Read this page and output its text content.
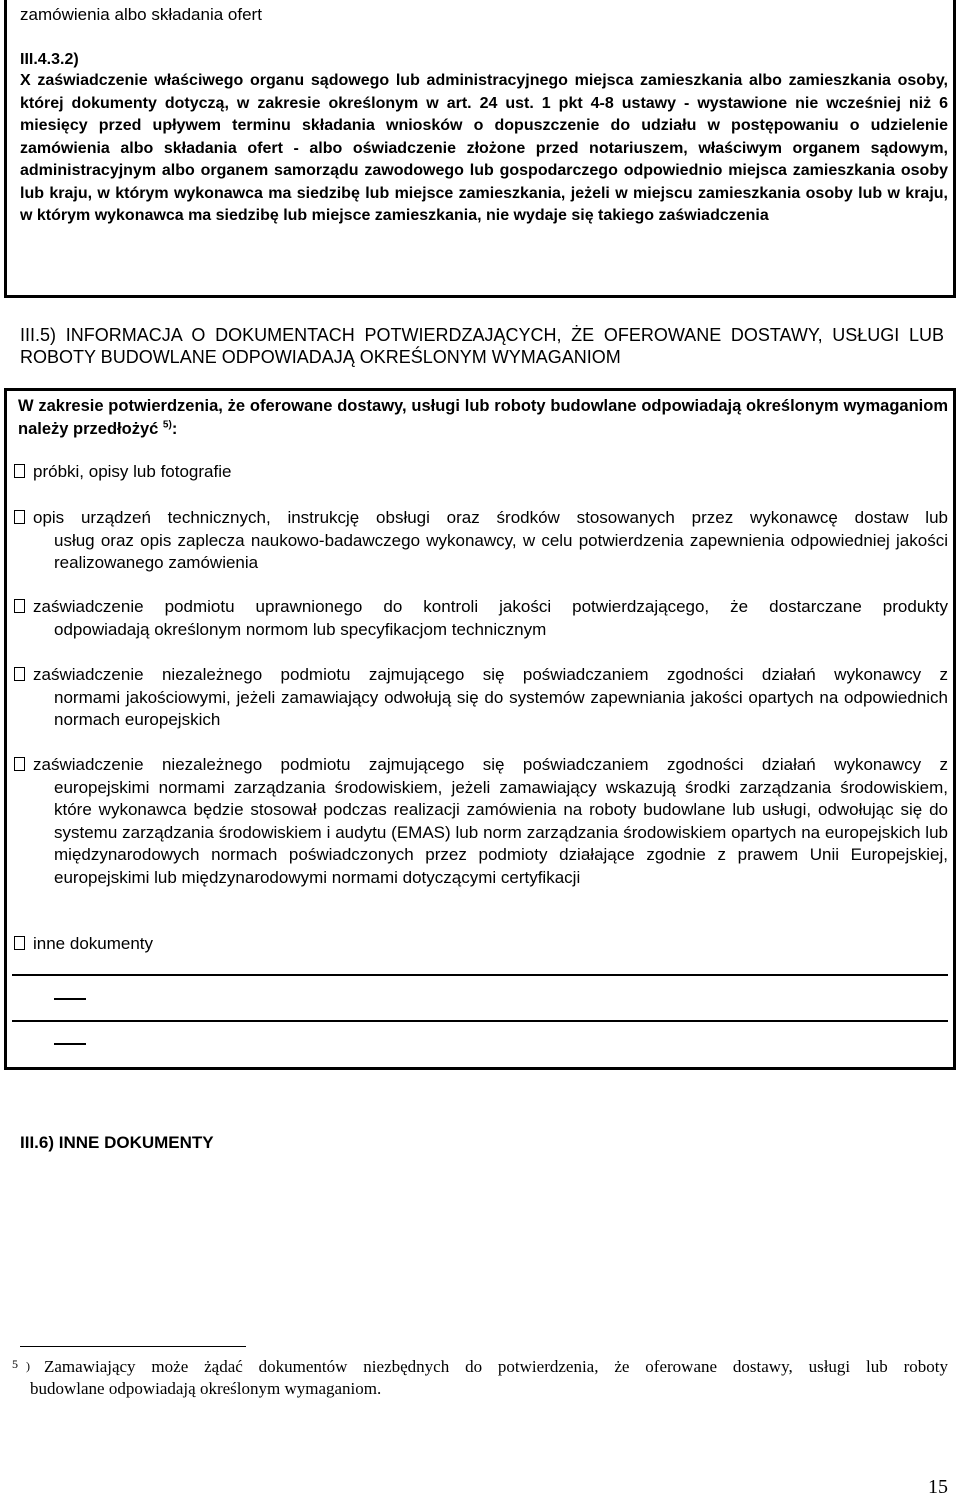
zamówienia albo składania ofert
III.4.3.2)
X zaświadczenie właściwego organu sądowego lub administracyjnego miejsca zamieszkania albo zamieszkania osoby, której dokumenty dotyczą, w zakresie określonym w art. 24 ust. 1 pkt 4-8 ustawy - wystawione nie wcześniej niż 6 miesięcy przed upływem terminu składania wniosków o dopuszczenie do udziału w postępowaniu o udzielenie zamówienia albo składania ofert - albo oświadczenie złożone przed notariuszem, właściwym organem sądowym, administracyjnym albo organem samorządu zawodowego lub gospodarczego odpowiednio miejsca zamieszkania osoby lub kraju, w którym wykonawca ma siedzibę lub miejsce zamieszkania, jeżeli w miejscu zamieszkania osoby lub w kraju, w którym wykonawca ma siedzibę lub miejsce zamieszkania, nie wydaje się takiego zaświadczenia
III.5) INFORMACJA O DOKUMENTACH POTWIERDZAJĄCYCH, ŻE OFEROWANE DOSTAWY, USŁUGI LUB ROBOTY BUDOWLANE ODPOWIADAJĄ OKREŚLONYM WYMAGANIOM
W zakresie potwierdzenia, że oferowane dostawy, usługi lub roboty budowlane odpowiadają określonym wymaganiom należy przedłożyć $^{5)}$:
próbki, opisy lub fotografie
opis urządzeń technicznych, instrukcję obsługi oraz środków stosowanych przez wykonawcę dostaw lub
usług oraz opis zaplecza naukowo-badawczego wykonawcy, w celu potwierdzenia zapewnienia odpowiedniej jakości realizowanego zamówienia
zaświadczenie podmiotu uprawnionego do kontroli jakości potwierdzającego, że dostarczane produkty
odpowiadają określonym normom lub specyfikacjom technicznym
zaświadczenie niezależnego podmiotu zajmującego się poświadczaniem zgodności działań wykonawcy z
normami jakościowymi, jeżeli zamawiający odwołują się do systemów zapewniania jakości opartych na odpowiednich normach europejskich
zaświadczenie niezależnego podmiotu zajmującego się poświadczaniem zgodności działań wykonawcy z
europejskimi normami zarządzania środowiskiem, jeżeli zamawiający wskazują środki zarządzania środowiskiem, które wykonawca będzie stosował podczas realizacji zamówienia na roboty budowlane lub usługi, odwołując się do systemu zarządzania środowiskiem i audytu (EMAS) lub norm zarządzania środowiskiem opartych na europejskich lub międzynarodowych normach poświadczonych przez podmioty działające zgodnie z prawem Unii Europejskiej, europejskimi lub międzynarodowymi normami dotyczącymi certyfikacji
inne dokumenty
III.6) INNE DOKUMENTY
5 ) Zamawiający może żądać dokumentów niezbędnych do potwierdzenia, że oferowane dostawy, usługi lub roboty
budowlane odpowiadają określonym wymaganiom.
15
